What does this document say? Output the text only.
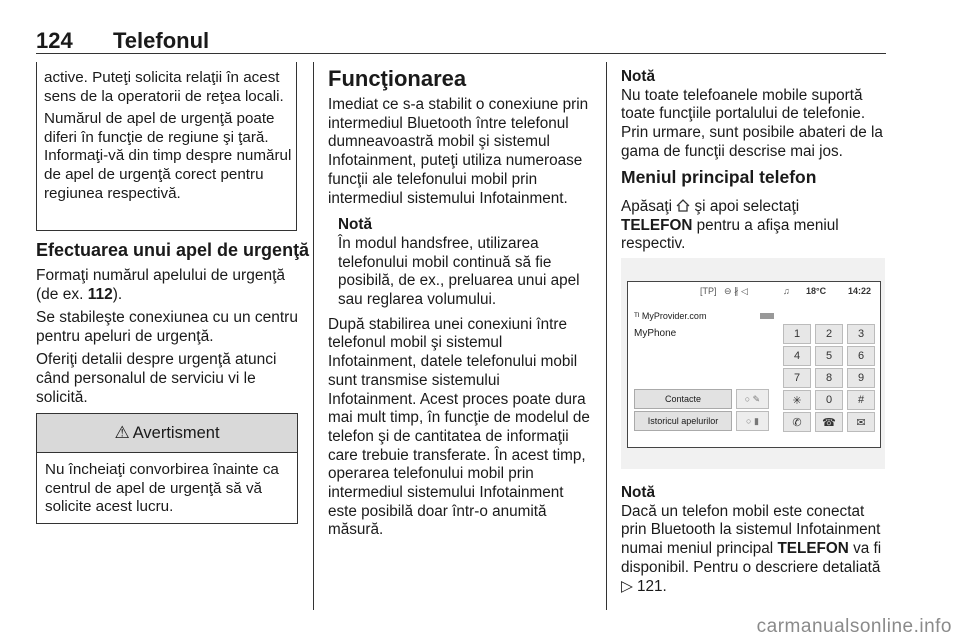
124 Telefonul

active. Puteţi solicita relaţii în acest sens de la operatorii de reţea locali.

Numărul de apel de urgenţă poate diferi în funcţie de regiune şi ţară. Informaţi-vă din timp despre numărul de apel de urgenţă corect pentru regiunea respectivă.

Efectuarea unui apel de urgenţă

Formaţi numărul apelului de urgenţă (de ex. 112).

Se stabileşte conexiunea cu un centru pentru apeluri de urgenţă.

Oferiţi detalii despre urgenţă atunci când personalul de serviciu vi le solicită.

⚠ Avertisment
Nu încheiaţi convorbirea înainte ca centrul de apel de urgenţă să vă solicite acest lucru.
Funcţionarea

Imediat ce s-a stabilit o conexiune prin intermediul Bluetooth între telefonul dumneavoastră mobil şi sistemul Infotainment, puteţi utiliza numeroase funcţii ale telefonului mobil prin intermediul sistemului Infotainment.

Notă

În modul handsfree, utilizarea telefonului mobil continuă să fie posibilă, de ex., preluarea unui apel sau reglarea volumului.

După stabilirea unei conexiuni între telefonul mobil şi sistemul Infotainment, datele telefonului mobil sunt transmise sistemului Infotainment. Acest proces poate dura mai mult timp, în funcţie de modelul de telefon şi de cantitatea de informaţii care trebuie transferate. În acest timp, operarea telefonului mobil prin intermediul sistemului Infotainment este posibilă doar într-o anumită măsură.

Notă

Nu toate telefoanele mobile suportă toate funcţiile portalului de telefonie. Prin urmare, sunt posibile abateri de la gama de funcţii descrise mai jos.

Meniul principal telefon

Apăsaţi  şi apoi selectaţi
TELEFON pentru a afişa meniul respectiv.

[TP] ⊖ ∦ ◁	♫ 18°C 14:22
ᵀᴵ MyProvider.com
MyPhone	1	2	3
4	5	6
7	8	9
✳	0	#
✆	☎	✉
Contacte	○ ✎
Istoricul apelurilor	○ ▮

Notă

Dacă un telefon mobil este conectat prin Bluetooth la sistemul Infotainment numai meniul principal TELEFON va fi disponibil. Pentru o descriere detaliată ▷ 121.

carmanualsonline.info
